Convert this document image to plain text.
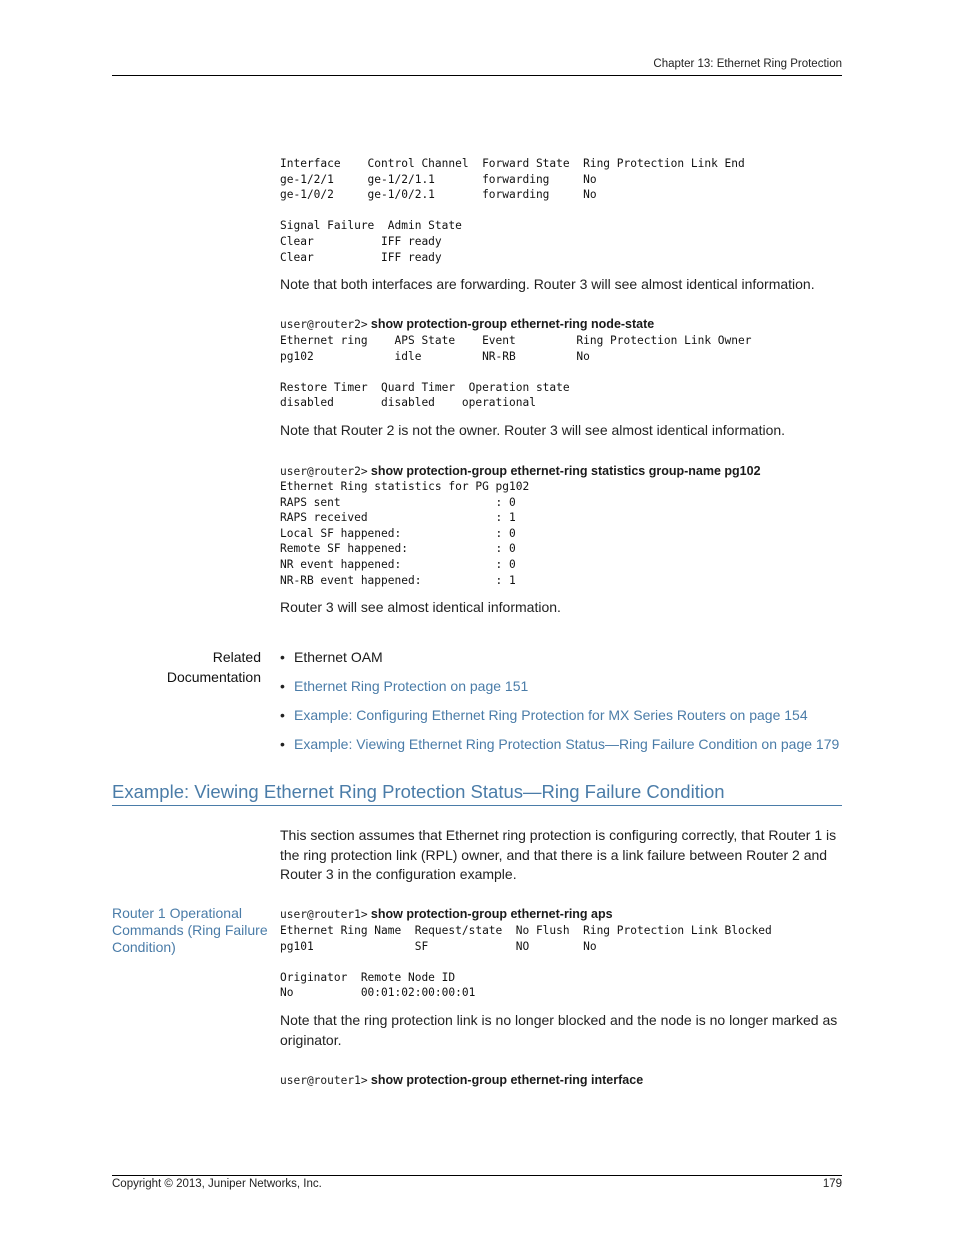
Chapter 13: Ethernet Ring Protection
Interface    Control Channel  Forward State  Ring Protection Link End
ge-1/2/1     ge-1/2/1.1       forwarding     No
ge-1/0/2     ge-1/0/2.1       forwarding     No

Signal Failure  Admin State
Clear          IFF ready
Clear          IFF ready
Note that both interfaces are forwarding. Router 3 will see almost identical information.
user@router2> show protection-group ethernet-ring node-state
Ethernet ring    APS State    Event         Ring Protection Link Owner
pg102            idle         NR-RB         No

Restore Timer  Quard Timer  Operation state
disabled       disabled    operational
Note that Router 2 is not the owner. Router 3 will see almost identical information.
user@router2> show protection-group ethernet-ring statistics group-name pg102
Ethernet Ring statistics for PG pg102
RAPS sent                       : 0
RAPS received                   : 1
Local SF happened:              : 0
Remote SF happened:             : 0
NR event happened:              : 0
NR-RB event happened:           : 1
Router 3 will see almost identical information.
Related
Documentation
• Ethernet OAM
• Ethernet Ring Protection on page 151
• Example: Configuring Ethernet Ring Protection for MX Series Routers on page 154
• Example: Viewing Ethernet Ring Protection Status—Ring Failure Condition on page 179
Example: Viewing Ethernet Ring Protection Status—Ring Failure Condition
This section assumes that Ethernet ring protection is configuring correctly, that Router 1 is the ring protection link (RPL) owner, and that there is a link failure between Router 2 and Router 3 in the configuration example.
Router 1 Operational Commands (Ring Failure Condition)
user@router1> show protection-group ethernet-ring aps
Ethernet Ring Name  Request/state  No Flush  Ring Protection Link Blocked
pg101               SF             NO        No

Originator  Remote Node ID
No          00:01:02:00:00:01
Note that the ring protection link is no longer blocked and the node is no longer marked as originator.
user@router1> show protection-group ethernet-ring interface
Copyright © 2013, Juniper Networks, Inc.	179
